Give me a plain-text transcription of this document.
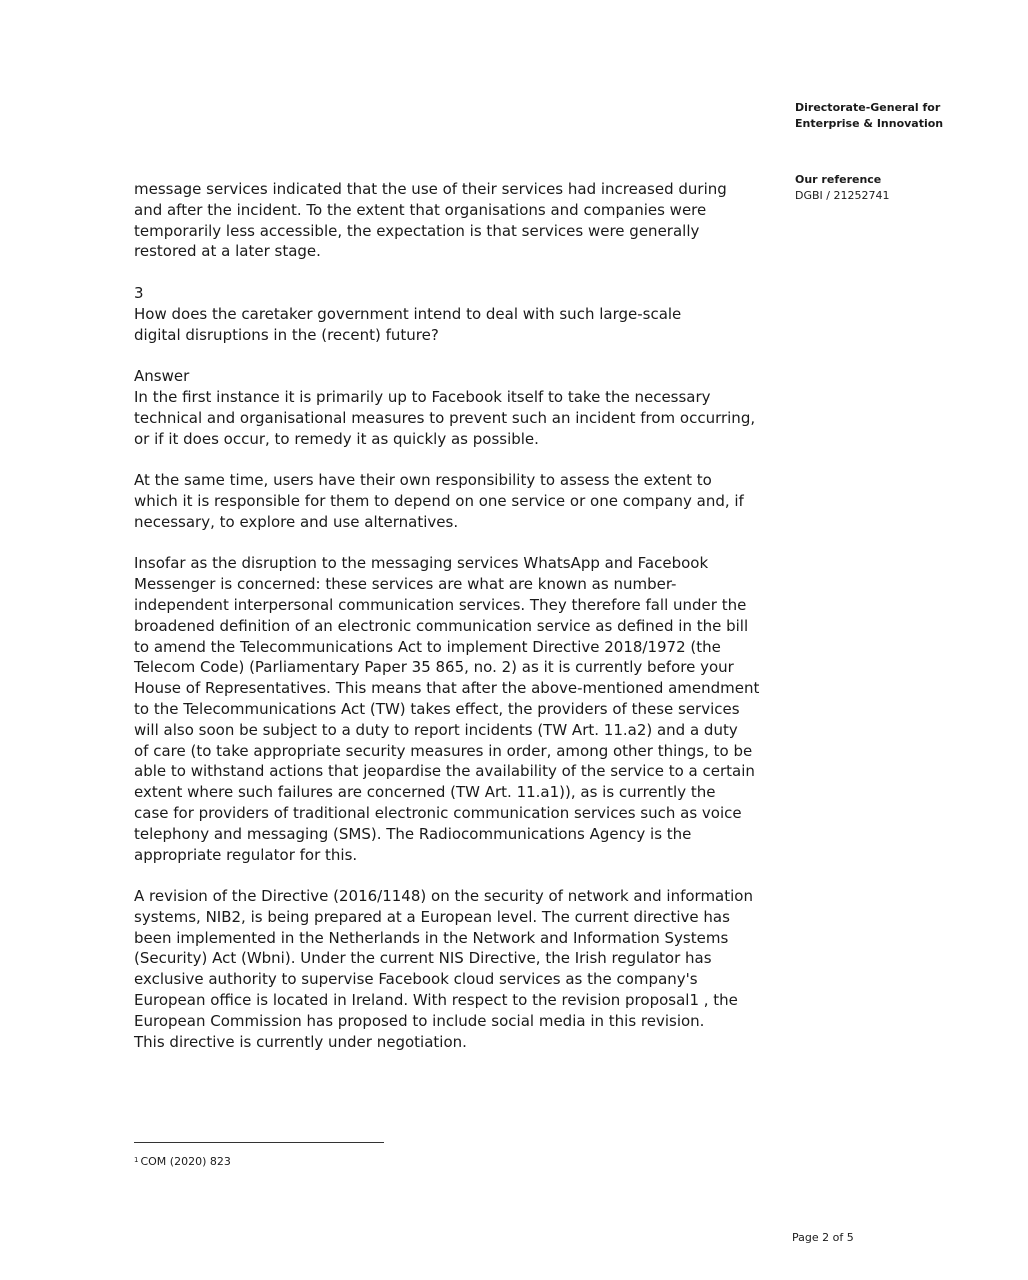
Directorate-General for
Enterprise & Innovation
Our reference
DGBI / 21252741

message services indicated that the use of their services had increased during
and after the incident. To the extent that organisations and companies were
temporarily less accessible, the expectation is that services were generally
restored at a later stage.

3
How does the caretaker government intend to deal with such large-scale
digital disruptions in the (recent) future?

Answer
In the first instance it is primarily up to Facebook itself to take the necessary
technical and organisational measures to prevent such an incident from occurring,
or if it does occur, to remedy it as quickly as possible.

At the same time, users have their own responsibility to assess the extent to
which it is responsible for them to depend on one service or one company and, if
necessary, to explore and use alternatives.

Insofar as the disruption to the messaging services WhatsApp and Facebook
Messenger is concerned: these services are what are known as number-
independent interpersonal communication services. They therefore fall under the
broadened definition of an electronic communication service as defined in the bill
to amend the Telecommunications Act to implement Directive 2018/1972 (the
Telecom Code) (Parliamentary Paper 35 865, no. 2) as it is currently before your
House of Representatives. This means that after the above-mentioned amendment
to the Telecommunications Act (TW) takes effect, the providers of these services
will also soon be subject to a duty to report incidents (TW Art. 11.a2) and a duty
of care (to take appropriate security measures in order, among other things, to be
able to withstand actions that jeopardise the availability of the service to a certain
extent where such failures are concerned (TW Art. 11.a1)), as is currently the
case for providers of traditional electronic communication services such as voice
telephony and messaging (SMS). The Radiocommunications Agency is the
appropriate regulator for this.

A revision of the Directive (2016/1148) on the security of network and information
systems, NIB2, is being prepared at a European level. The current directive has
been implemented in the Netherlands in the Network and Information Systems
(Security) Act (Wbni). Under the current NIS Directive, the Irish regulator has
exclusive authority to supervise Facebook cloud services as the company's
European office is located in Ireland. With respect to the revision proposal1 , the
European Commission has proposed to include social media in this revision.
This directive is currently under negotiation.

$^1$ COM (2020) 823
Page 2 of 5
